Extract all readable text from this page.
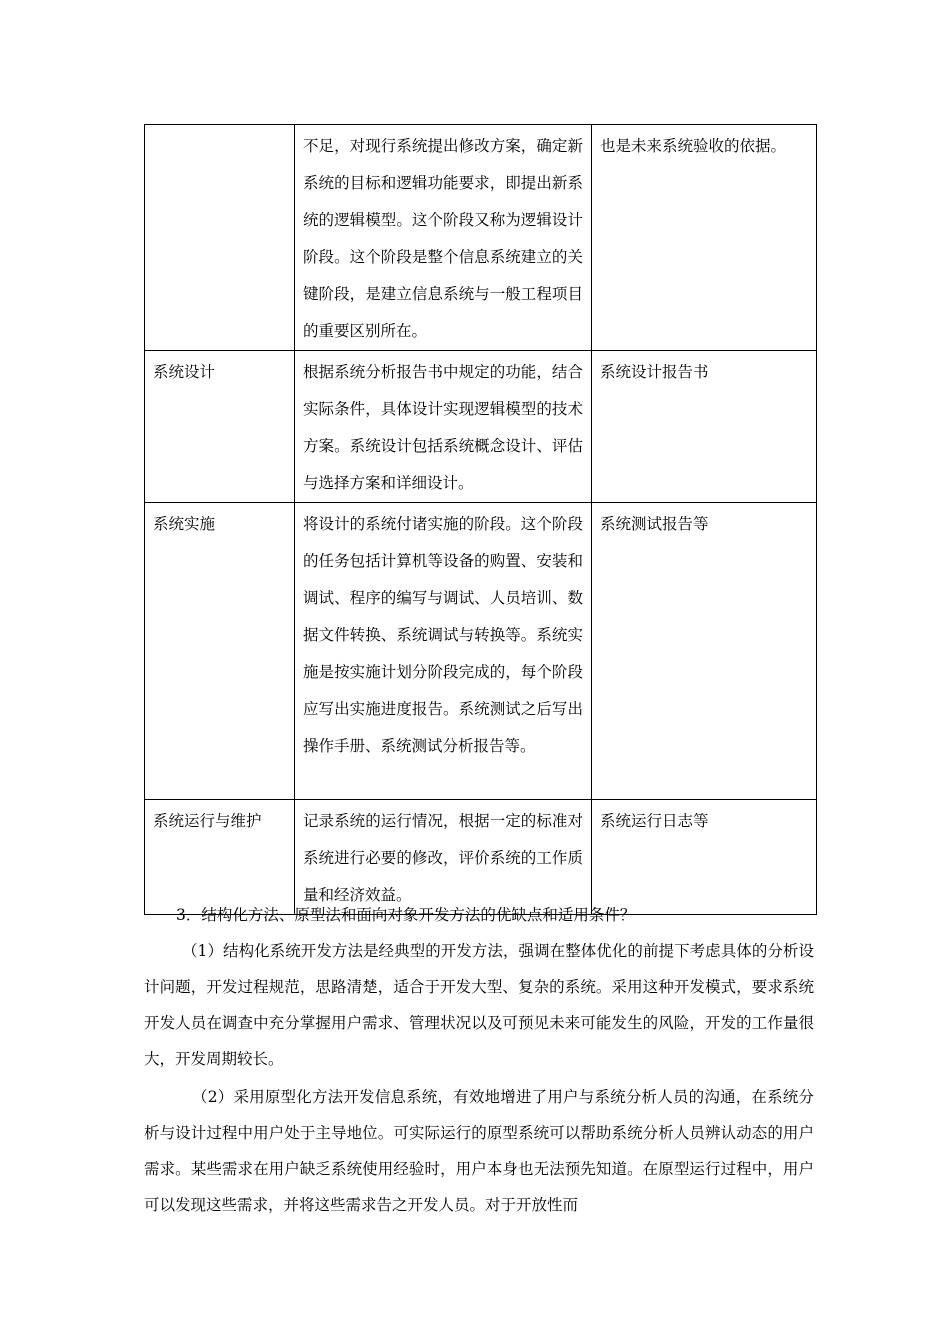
	不足，对现行系统提出修改方案，确定新系统的目标和逻辑功能要求，即提出新系统的逻辑模型。这个阶段又称为逻辑设计阶段。这个阶段是整个信息系统建立的关键阶段，是建立信息系统与一般工程项目的重要区别所在。	也是未来系统验收的依据。
系统设计	根据系统分析报告书中规定的功能，结合实际条件，具体设计实现逻辑模型的技术方案。系统设计包括系统概念设计、评估与选择方案和详细设计。	系统设计报告书
系统实施	将设计的系统付诸实施的阶段。这个阶段的任务包括计算机等设备的购置、安装和调试、程序的编写与调试、人员培训、数据文件转换、系统调试与转换等。系统实施是按实施计划分阶段完成的，每个阶段应写出实施进度报告。系统测试之后写出操作手册、系统测试分析报告等。	系统测试报告等
系统运行与维护	记录系统的运行情况，根据一定的标准对系统进行必要的修改，评价系统的工作质量和经济效益。	系统运行日志等

3．结构化方法、原型法和面向对象开发方法的优缺点和适用条件？

（1）结构化系统开发方法是经典型的开发方法，强调在整体优化的前提下考虑具体的分析设计问题，开发过程规范，思路清楚，适合于开发大型、复杂的系统。采用这种开发模式，要求系统开发人员在调查中充分掌握用户需求、管理状况以及可预见未来可能发生的风险，开发的工作量很大，开发周期较长。

（2）采用原型化方法开发信息系统，有效地增进了用户与系统分析人员的沟通，在系统分析与设计过程中用户处于主导地位。可实际运行的原型系统可以帮助系统分析人员辨认动态的用户需求。某些需求在用户缺乏系统使用经验时，用户本身也无法预先知道。在原型运行过程中，用户可以发现这些需求，并将这些需求告之开发人员。对于开放性而
